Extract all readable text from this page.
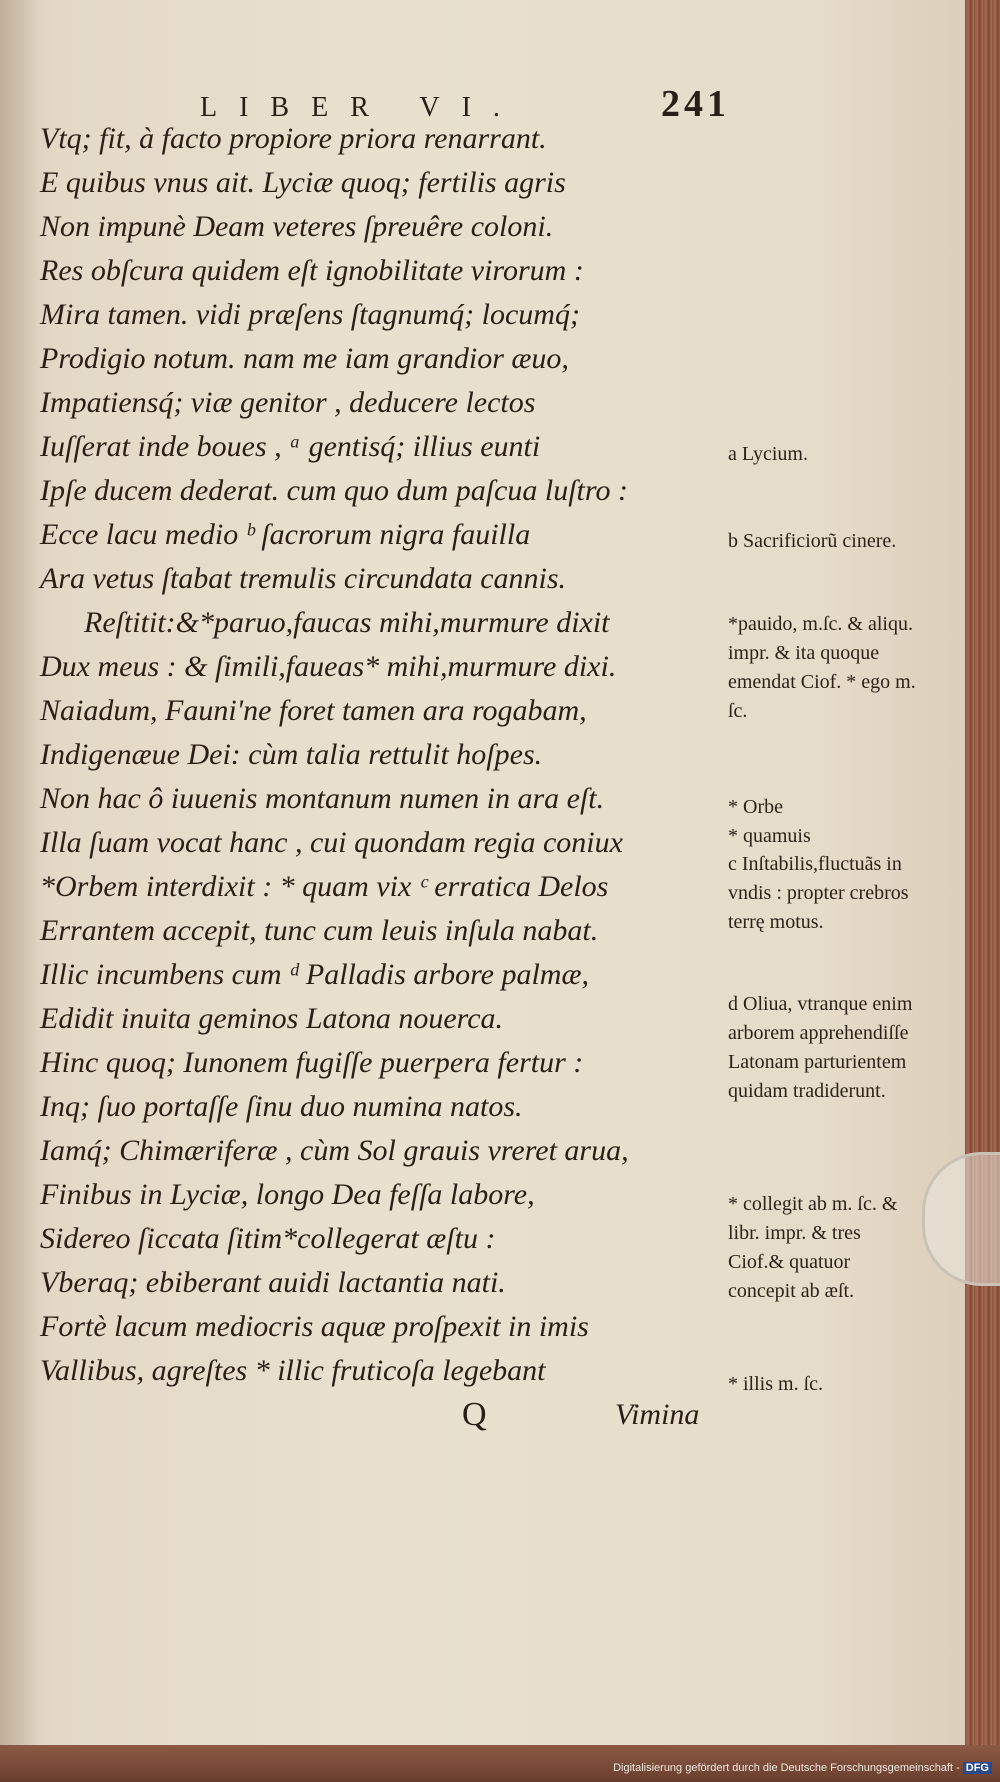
LIBER VI.	241
Vtq; fit, à facto propiore priora renarrant.
E quibus vnus ait. Lyciæ quoq; fertilis agris
Non impunè Deam veteres ſpreuêre coloni.
Res obſcura quidem eſt ignobilitate virorum :
Mira tamen. vidi præſens ſtagnumq́; locumq́;
Prodigio notum. nam me iam grandior æuo,
Impatiensq́; viæ genitor , deducere lectos
Iuſſerat inde boues , ᵃ gentisq́; illius eunti
Ipſe ducem dederat. cum quo dum paſcua luſtro :
Ecce lacu medio ᵇ ſacrorum nigra fauilla
Ara vetus ſtabat tremulis circundata cannis.
Reſtitit:&*paruo,faucas mihi,murmure dixit
Dux meus : & ſimili,faueas* mihi,murmure dixi.
Naiadum, Fauni'ne foret tamen ara rogabam,
Indigenæue Dei: cùm talia rettulit hoſpes.
Non hac ô iuuenis montanum numen in ara eſt.
Illa ſuam vocat hanc , cui quondam regia coniux
*Orbem interdixit : * quam vix ᶜ erratica Delos
Errantem accepit, tunc cum leuis inſula nabat.
Illic incumbens cum ᵈ Palladis arbore palmæ,
Edidit inuita geminos Latona nouerca.
Hinc quoq; Iunonem fugiſſe puerpera fertur :
Inq; ſuo portaſſe ſinu duo numina natos.
Iamq́; Chimæriferæ , cùm Sol grauis vreret arua,
Finibus in Lyciæ, longo Dea feſſa labore,
Sidereo ſiccata ſitim*collegerat æſtu :
Vberaq; ebiberant auidi lactantia nati.
Fortè lacum mediocris aquæ proſpexit in imis
Vallibus, agreſtes * illic fruticoſa legebant
a Lycium.
b Sacrificiorũ cinere.
*pauido, m.ſc. & aliqu. impr. & ita quoque emendat Ciof. * ego m. ſc.
* Orbe
* quamuis
c Inſtabilis,fluctuãs in vndis : propter crebros terrę motus.
d Oliua, vtranque enim arborem apprehendiſſe Latonam parturientem quidam tradiderunt.
* collegit ab m. ſc. & libr. impr. & tres Ciof.& quatuor concepit ab æſt.
* illis m. ſc.
Q	Vimina
Digitalisierung gefördert durch die Deutsche Forschungsgemeinschaft - DFG
